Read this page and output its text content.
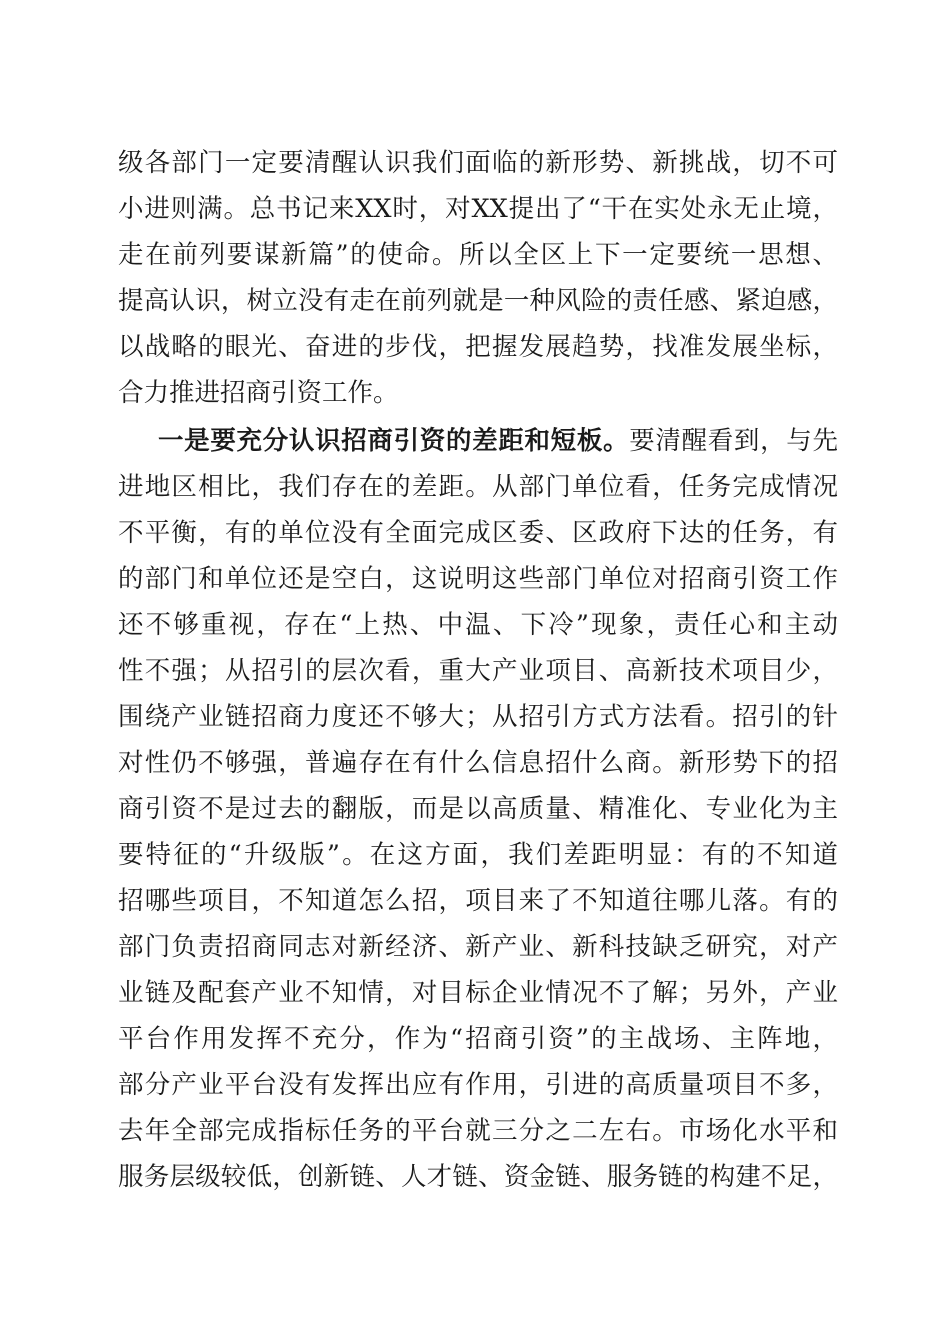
级各部门一定要清醒认识我们面临的新形势、新挑战，切不可
小进则满。总书记来XX时，对XX提出了“干在实处永无止境，
走在前列要谋新篇”的使命。所以全区上下一定要统一思想、
提高认识，树立没有走在前列就是一种风险的责任感、紧迫感，
以战略的眼光、奋进的步伐，把握发展趋势，找准发展坐标，
合力推进招商引资工作。
一是要充分认识招商引资的差距和短板。要清醒看到，与先
进地区相比，我们存在的差距。从部门单位看，任务完成情况
不平衡，有的单位没有全面完成区委、区政府下达的任务，有
的部门和单位还是空白，这说明这些部门单位对招商引资工作
还不够重视，存在“上热、中温、下冷”现象，责任心和主动
性不强；从招引的层次看，重大产业项目、高新技术项目少，
围绕产业链招商力度还不够大；从招引方式方法看。招引的针
对性仍不够强，普遍存在有什么信息招什么商。新形势下的招
商引资不是过去的翻版，而是以高质量、精准化、专业化为主
要特征的“升级版”。在这方面，我们差距明显：有的不知道
招哪些项目，不知道怎么招，项目来了不知道往哪儿落。有的
部门负责招商同志对新经济、新产业、新科技缺乏研究，对产
业链及配套产业不知情，对目标企业情况不了解；另外，产业
平台作用发挥不充分，作为“招商引资”的主战场、主阵地，
部分产业平台没有发挥出应有作用，引进的高质量项目不多，
去年全部完成指标任务的平台就三分之二左右。市场化水平和
服务层级较低，创新链、人才链、资金链、服务链的构建不足，
